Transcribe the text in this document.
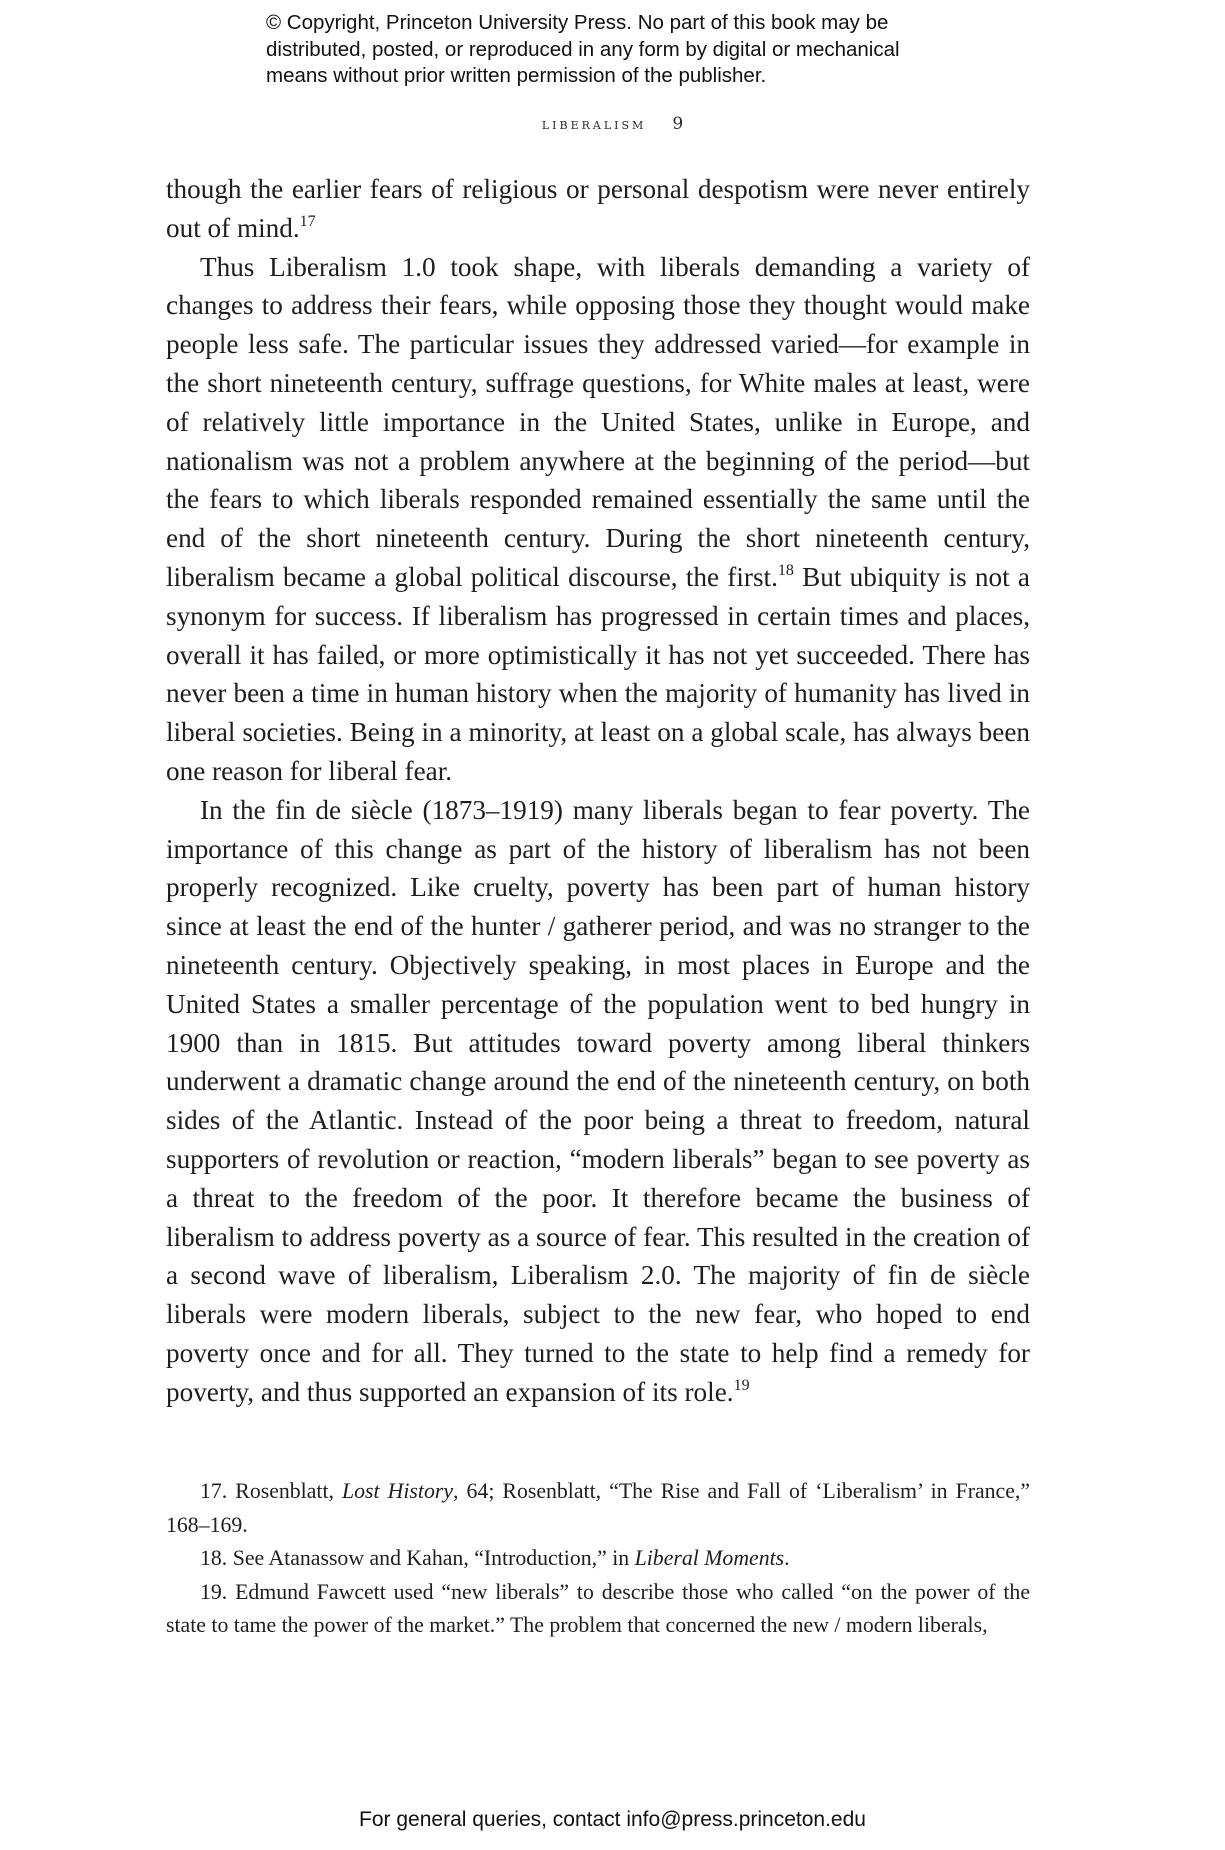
© Copyright, Princeton University Press. No part of this book may be
distributed, posted, or reproduced in any form by digital or mechanical
means without prior written permission of the publisher.
liberalism 9

though the earlier fears of religious or personal despotism were never entirely out of mind.$^{17}$

Thus Liberalism 1.0 took shape, with liberals demanding a variety of changes to address their fears, while opposing those they thought would make people less safe. The particular issues they addressed varied—for example in the short nineteenth century, suffrage questions, for White males at least, were of relatively little importance in the United States, unlike in Europe, and nationalism was not a problem anywhere at the beginning of the period—but the fears to which liberals responded remained essentially the same until the end of the short nineteenth century. During the short nineteenth century, liberalism became a global political discourse, the first.$^{18}$ But ubiquity is not a synonym for success. If liberalism has progressed in certain times and places, overall it has failed, or more optimistically it has not yet succeeded. There has never been a time in human history when the majority of humanity has lived in liberal societies. Being in a minority, at least on a global scale, has always been one reason for liberal fear.

In the fin de siècle (1873–1919) many liberals began to fear poverty. The importance of this change as part of the history of liberalism has not been properly recognized. Like cruelty, poverty has been part of human history since at least the end of the hunter / gatherer period, and was no stranger to the nineteenth century. Objectively speaking, in most places in Europe and the United States a smaller percentage of the population went to bed hungry in 1900 than in 1815. But attitudes toward poverty among liberal thinkers underwent a dramatic change around the end of the nineteenth century, on both sides of the Atlantic. Instead of the poor being a threat to freedom, natural supporters of revolution or reaction, “modern liberals” began to see poverty as a threat to the freedom of the poor. It therefore became the business of liberalism to address poverty as a source of fear. This resulted in the creation of a second wave of liberalism, Liberalism 2.0. The majority of fin de siècle liberals were modern liberals, subject to the new fear, who hoped to end poverty once and for all. They turned to the state to help find a remedy for poverty, and thus supported an expansion of its role.$^{19}$

17. Rosenblatt, Lost History, 64; Rosenblatt, “The Rise and Fall of ‘Liberalism’ in France,” 168–169.

18. See Atanassow and Kahan, “Introduction,” in Liberal Moments.

19. Edmund Fawcett used “new liberals” to describe those who called “on the power of the state to tame the power of the market.” The problem that concerned the new / modern liberals,

For general queries, contact info@press.princeton.edu
